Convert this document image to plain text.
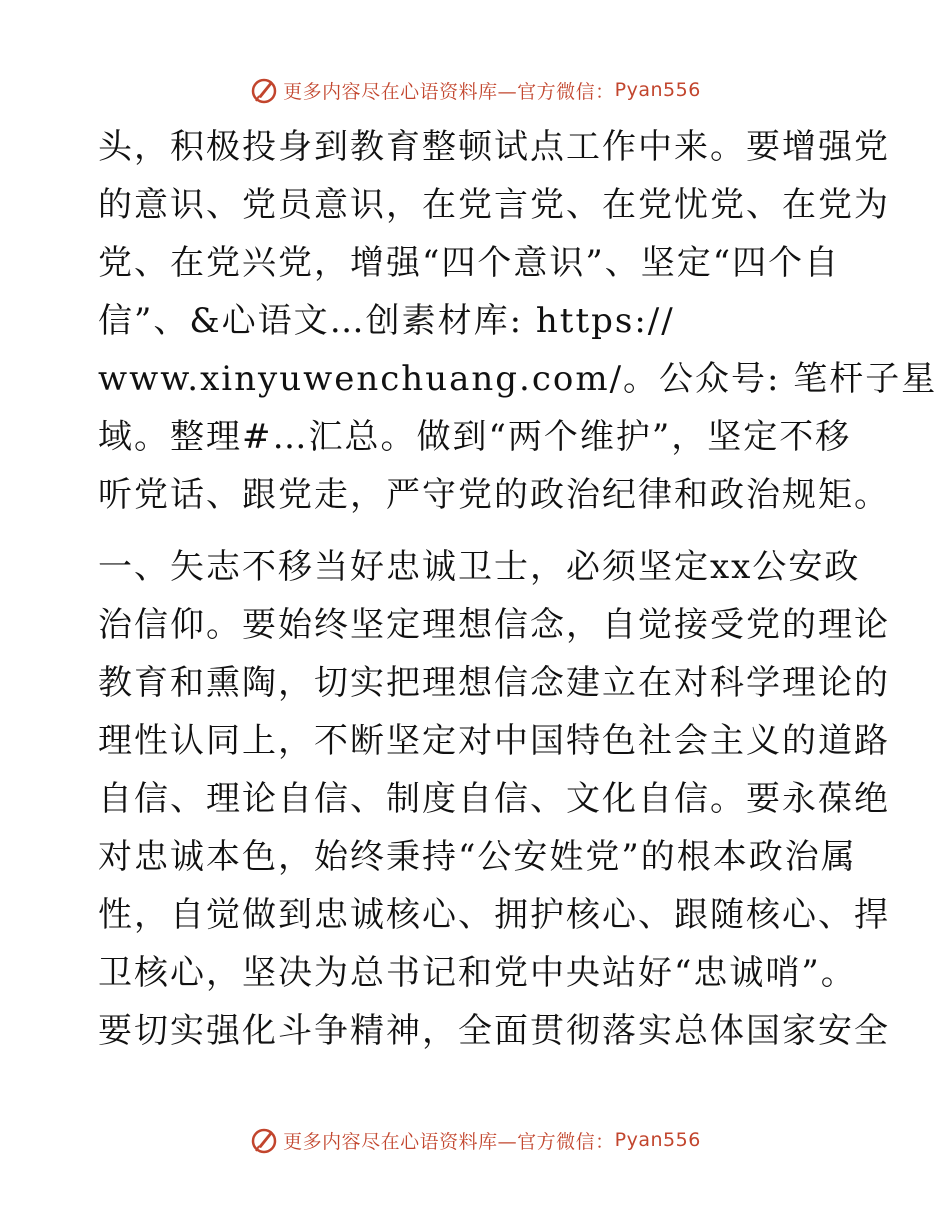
更多内容尽在心语资料库—官方微信： Pyan556
头，积极投身到教育整顿试点工作中来。要增强党
的意识、党员意识，在党言党、在党忧党、在党为
党、在党兴党，增强“四个意识”、坚定“四个自
信”、&心语文…创素材库: https://
www.xinyuwenchuang.com/。公众号: 笔杆子星
域。整理#…汇总。做到“两个维护”，坚定不移
听党话、跟党走，严守党的政治纪律和政治规矩。
一、矢志不移当好忠诚卫士，必须坚定xx公安政
治信仰。要始终坚定理想信念，自觉接受党的理论
教育和熏陶，切实把理想信念建立在对科学理论的
理性认同上，不断坚定对中国特色社会主义的道路
自信、理论自信、制度自信、文化自信。要永葆绝
对忠诚本色，始终秉持“公安姓党”的根本政治属
性，自觉做到忠诚核心、拥护核心、跟随核心、捍
卫核心，坚决为总书记和党中央站好“忠诚哨”。
要切实强化斗争精神，全面贯彻落实总体国家安全
更多内容尽在心语资料库—官方微信： Pyan556
